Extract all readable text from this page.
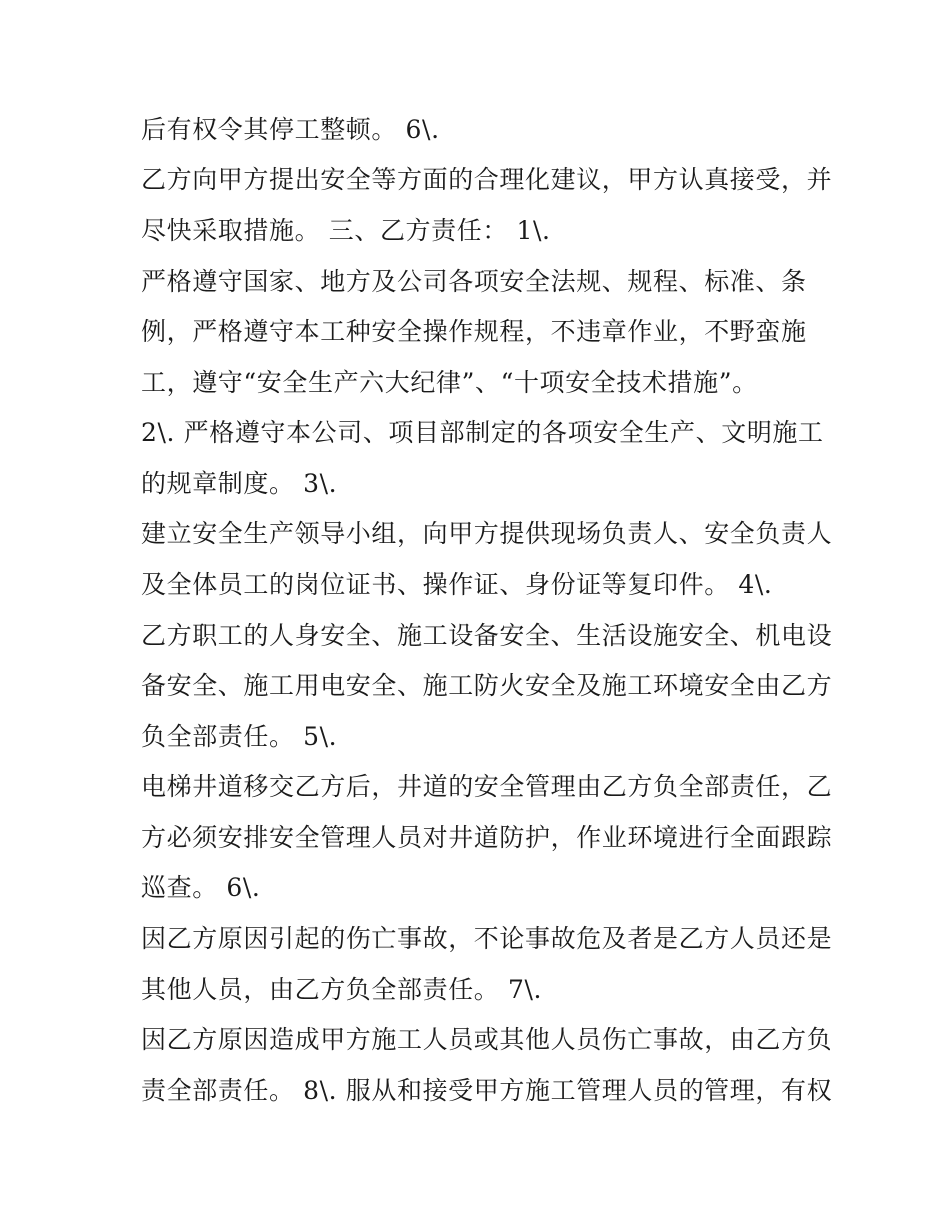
后有权令其停工整顿。 6\.
乙方向甲方提出安全等方面的合理化建议，甲方认真接受，并
尽快采取措施。 三、乙方责任： 1\.
严格遵守国家、地方及公司各项安全法规、规程、标准、条
例，严格遵守本工种安全操作规程，不违章作业，不野蛮施
工，遵守“安全生产六大纪律”、“十项安全技术措施”。
2\. 严格遵守本公司、项目部制定的各项安全生产、文明施工
的规章制度。 3\.
建立安全生产领导小组，向甲方提供现场负责人、安全负责人
及全体员工的岗位证书、操作证、身份证等复印件。 4\.
乙方职工的人身安全、施工设备安全、生活设施安全、机电设
备安全、施工用电安全、施工防火安全及施工环境安全由乙方
负全部责任。 5\.
电梯井道移交乙方后，井道的安全管理由乙方负全部责任，乙
方必须安排安全管理人员对井道防护，作业环境进行全面跟踪
巡查。 6\.
因乙方原因引起的伤亡事故，不论事故危及者是乙方人员还是
其他人员，由乙方负全部责任。 7\.
因乙方原因造成甲方施工人员或其他人员伤亡事故，由乙方负
责全部责任。 8\. 服从和接受甲方施工管理人员的管理，有权
